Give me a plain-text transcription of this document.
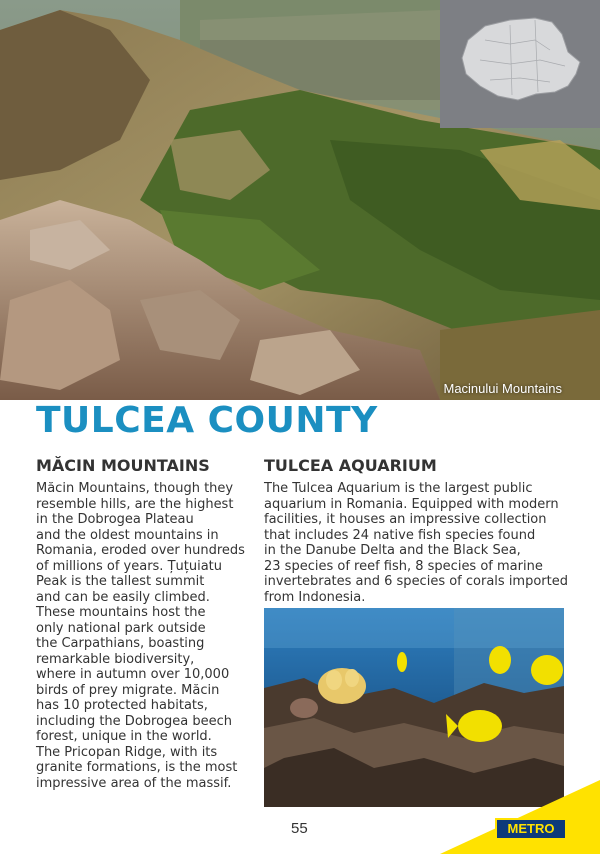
Macinului Mountains
TULCEA COUNTY
MĂCIN MOUNTAINS
Măcin Mountains, though they
resemble hills, are the highest
in the Dobrogea Plateau
and the oldest mountains in
Romania, eroded over hundreds
of millions of years. Țuțuiatu
Peak is the tallest summit
and can be easily climbed.
These mountains host the
only national park outside
the Carpathians, boasting
remarkable biodiversity,
where in autumn over 10,000
birds of prey migrate. Măcin
has 10 protected habitats,
including the Dobrogea beech
forest, unique in the world.
The Pricopan Ridge, with its
granite formations, is the most
impressive area of the massif.
TULCEA AQUARIUM
The Tulcea Aquarium is the largest public
aquarium in Romania. Equipped with modern
facilities, it houses an impressive collection
that includes 24 native fish species found
in the Danube Delta and the Black Sea,
23 species of reef fish, 8 species of marine
invertebrates and 6 species of corals imported
from Indonesia.
55	METRO
